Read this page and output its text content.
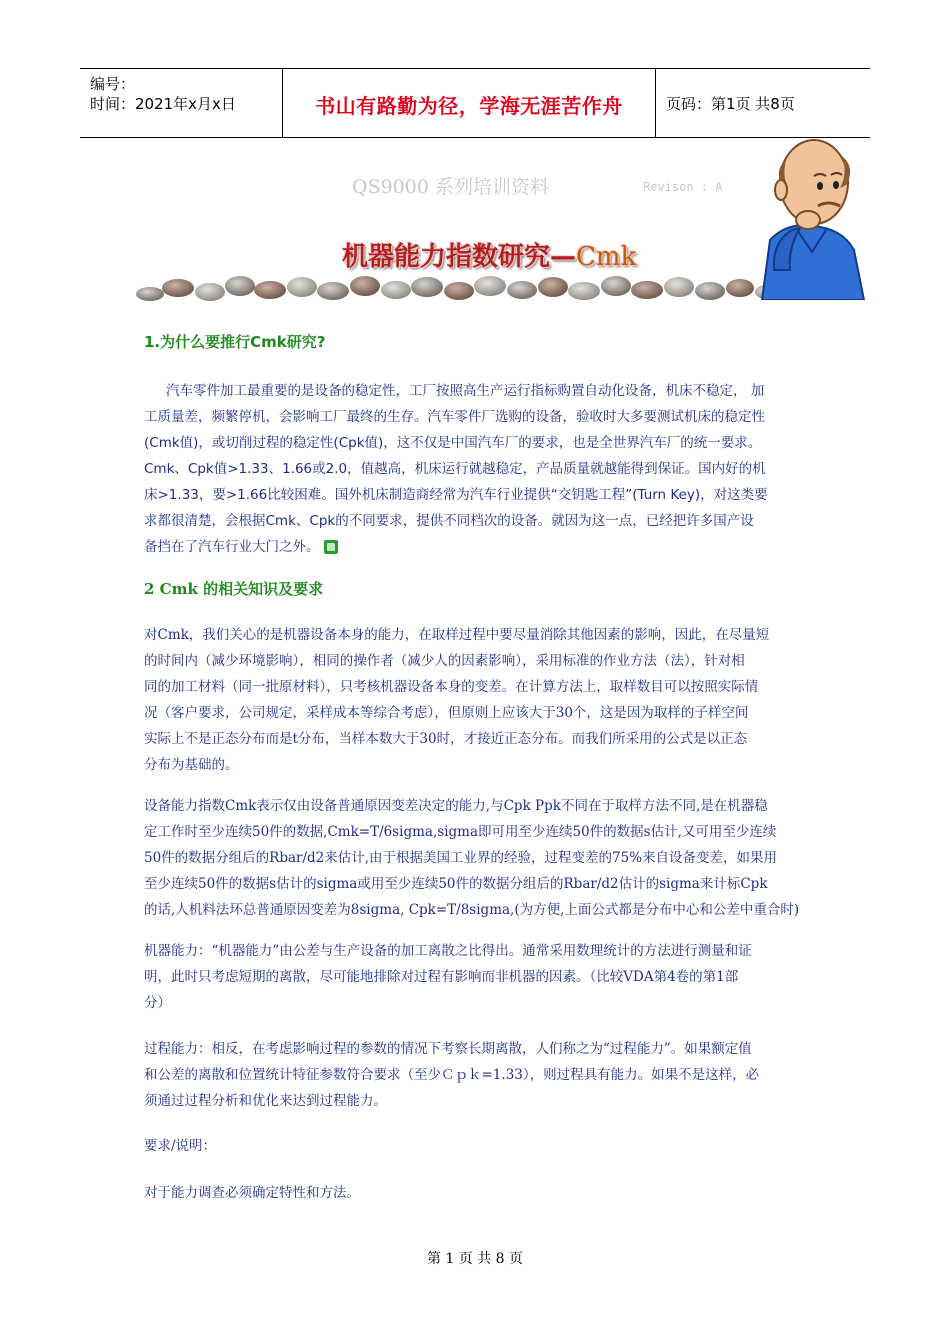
编号：
时间：2021年x月x日	书山有路勤为径，学海无涯苦作舟	页码：第1页 共8页
QS9000 系列培训资料	Revison : A
机器能力指数研究—Cmk
1.为什么要推行Cmk研究?
汽车零件加工最重要的是设备的稳定性，工厂按照高生产运行指标购置自动化设备，机床不稳定， 加
工质量差，频繁停机，会影响工厂最终的生存。汽车零件厂选购的设备，验收时大多要测试机床的稳定性
(Cmk值)，或切削过程的稳定性(Cpk值)，这不仅是中国汽车厂的要求，也是全世界汽车厂的统一要求。
Cmk、Cpk值>1.33、1.66或2.0，值越高，机床运行就越稳定，产品质量就越能得到保证。国内好的机
床>1.33，要>1.66比较困难。国外机床制造商经常为汽车行业提供“交钥匙工程”(Turn Key)，对这类要
求都很清楚，会根据Cmk、Cpk的不同要求，提供不同档次的设备。就因为这一点，已经把许多国产设
备挡在了汽车行业大门之外。
2 Cmk 的相关知识及要求
对Cmk，我们关心的是机器设备本身的能力，在取样过程中要尽量消除其他因素的影响，因此，在尽量短
的时间内（减少环境影响），相同的操作者（减少人的因素影响），采用标准的作业方法（法），针对相
同的加工材料（同一批原材料），只考核机器设备本身的变差。在计算方法上，取样数目可以按照实际情
况（客户要求，公司规定，采样成本等综合考虑），但原则上应该大于30个，这是因为取样的子样空间
实际上不是正态分布而是t分布，当样本数大于30时，才接近正态分布。而我们所采用的公式是以正态
分布为基础的。
设备能力指数Cmk表示仅由设备普通原因变差决定的能力,与Cpk Ppk不同在于取样方法不同,是在机器稳
定工作时至少连续50件的数据,Cmk=T/6sigma,sigma即可用至少连续50件的数据s估计,又可用至少连续
50件的数据分组后的Rbar/d2来估计,由于根据美国工业界的经验，过程变差的75%来自设备变差，如果用
至少连续50件的数据s估计的sigma或用至少连续50件的数据分组后的Rbar/d2估计的sigma来计标Cpk
的话,人机料法环总普通原因变差为8sigma, Cpk=T/8sigma,(为方便,上面公式都是分布中心和公差中重合时)
机器能力：“机器能力”由公差与生产设备的加工离散之比得出。通常采用数理统计的方法进行测量和证
明，此时只考虑短期的离散，尽可能地排除对过程有影响而非机器的因素。（比较VDA第4卷的第1部
分）
过程能力：相反，在考虑影响过程的参数的情况下考察长期离散，人们称之为“过程能力”。如果额定值
和公差的离散和位置统计特征参数符合要求（至少Ｃｐｋ=1.33），则过程具有能力。如果不是这样，必
须通过过程分析和优化来达到过程能力。
要求/说明：
对于能力调查必须确定特性和方法。
第 1 页 共 8 页
